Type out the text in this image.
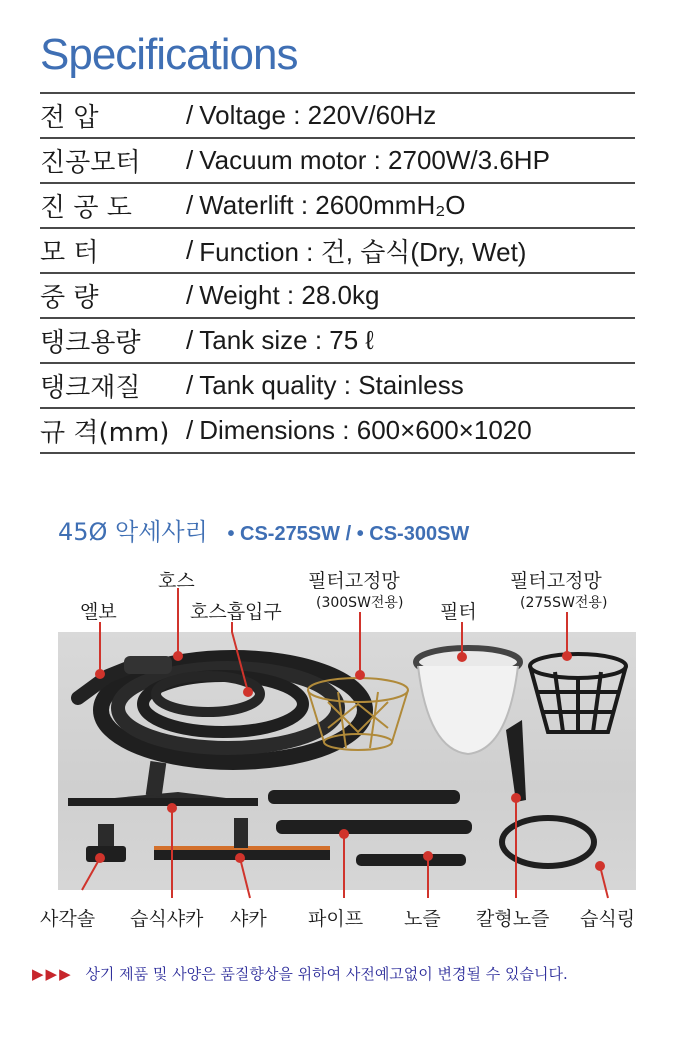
Specifications
전 압	/ Voltage : 220V/60Hz
진공모터	/ Vacuum motor : 2700W/3.6HP
진 공 도	/ Waterlift : 2600mmH₂O
모 터	/ Function : 건, 습식(Dry, Wet)
중 량	/ Weight : 28.0kg
탱크용량	/ Tank size : 75 ℓ
탱크재질	/ Tank quality : Stainless
규 격(mm) / Dimensions : 600×600×1020
45Ø 악세사리 • CS-275SW / • CS-300SW
호스
엘보	호스흡입구
필터고정망
(300SW전용) 필터
필터고정망
(275SW전용)
사각솔 습식샤카 샤카 파이프 노즐 칼형노즐 습식링
▶▶▶ 상기 제품 및 사양은 품질향상을 위하여 사전예고없이 변경될 수 있습니다.
